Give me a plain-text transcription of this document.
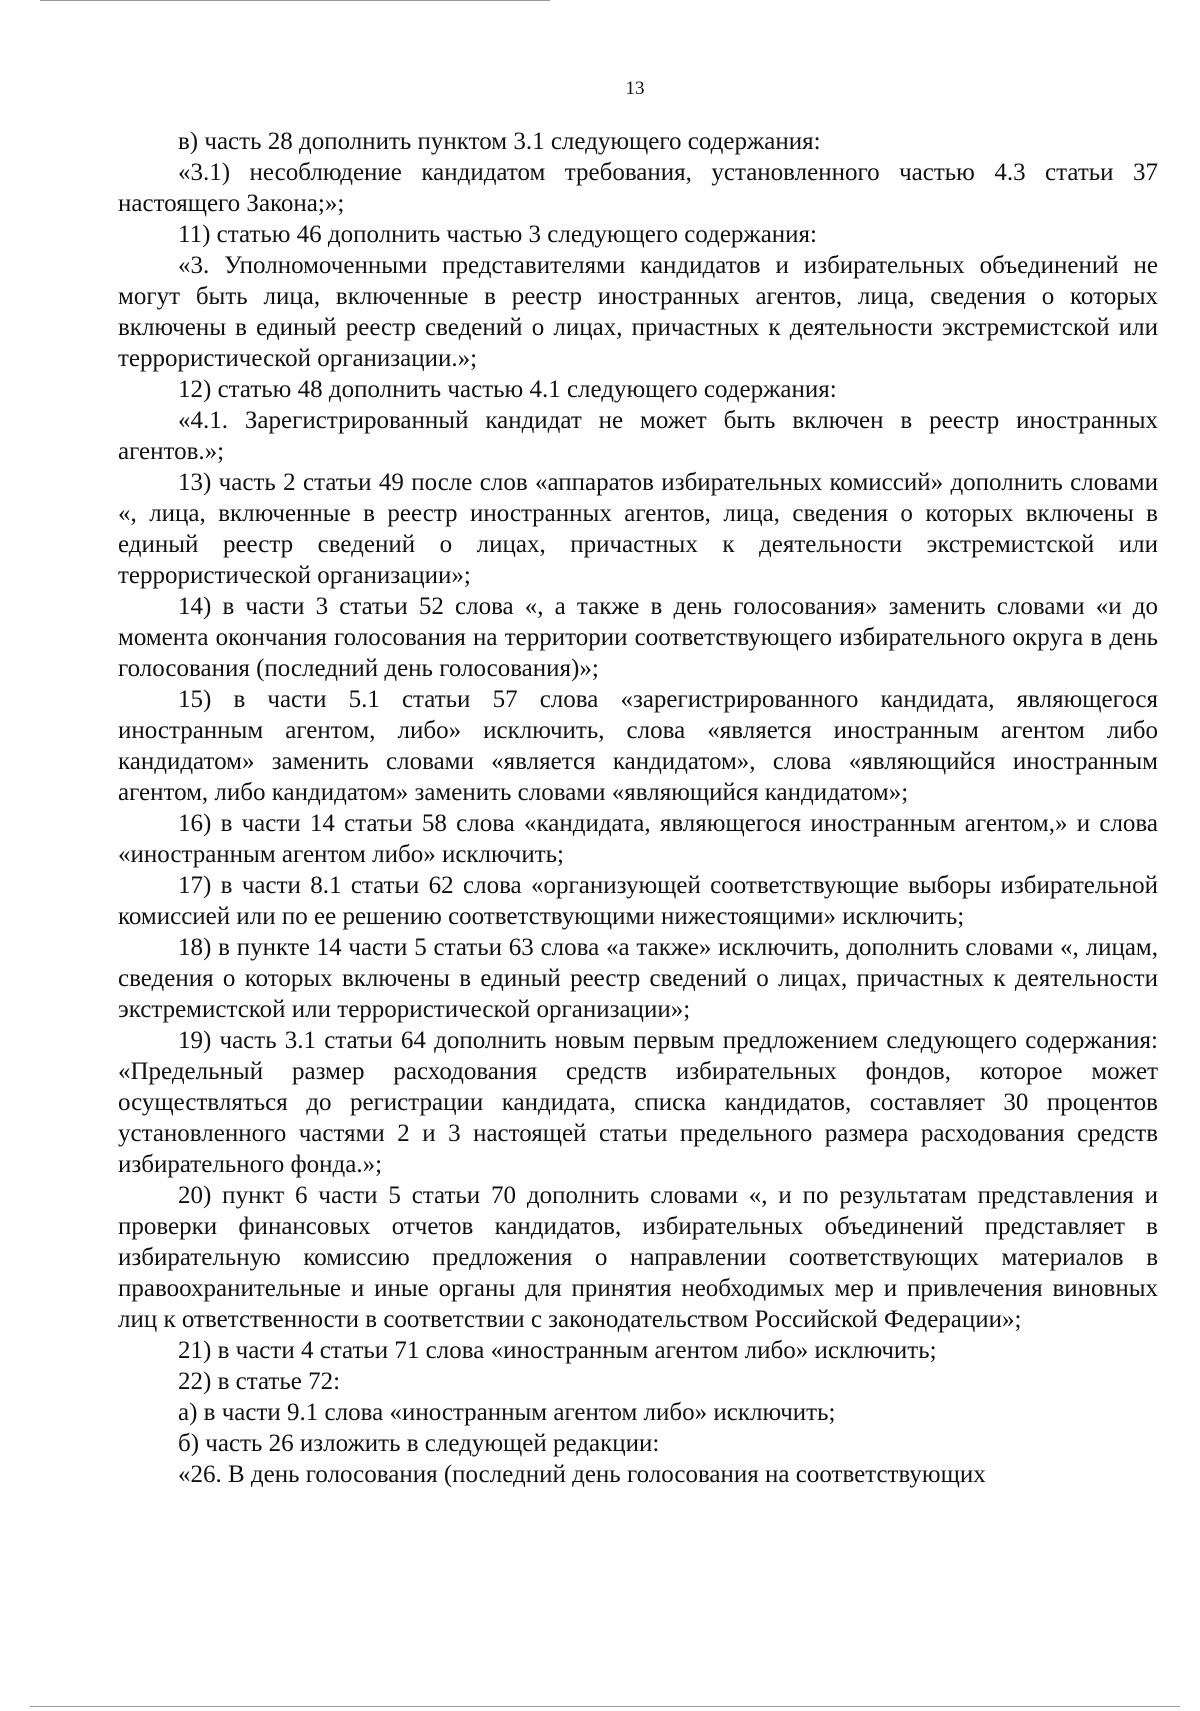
13

в) часть 28 дополнить пунктом 3.1 следующего содержания:

«3.1) несоблюдение кандидатом требования, установленного частью 4.3 статьи 37 настоящего Закона;»;

11) статью 46 дополнить частью 3 следующего содержания:

«3. Уполномоченными представителями кандидатов и избирательных объединений не могут быть лица, включенные в реестр иностранных агентов, лица, сведения о которых включены в единый реестр сведений о лицах, причастных к деятельности экстремистской или террористической организации.»;

12) статью 48 дополнить частью 4.1 следующего содержания:

«4.1. Зарегистрированный кандидат не может быть включен в реестр иностранных агентов.»;

13) часть 2 статьи 49 после слов «аппаратов избирательных комиссий» дополнить словами «, лица, включенные в реестр иностранных агентов, лица, сведения о которых включены в единый реестр сведений о лицах, причастных к деятельности экстремистской или террористической организации»;

14) в части 3 статьи 52 слова «, а также в день голосования» заменить словами «и до момента окончания голосования на территории соответствующего избирательного округа в день голосования (последний день голосования)»;

15) в части 5.1 статьи 57 слова «зарегистрированного кандидата, являющегося иностранным агентом, либо» исключить, слова «является иностранным агентом либо кандидатом» заменить словами «является кандидатом», слова «являющийся иностранным агентом, либо кандидатом» заменить словами «являющийся кандидатом»;

16) в части 14 статьи 58 слова «кандидата, являющегося иностранным агентом,» и слова «иностранным агентом либо» исключить;

17) в части 8.1 статьи 62 слова «организующей соответствующие выборы избирательной комиссией или по ее решению соответствующими нижестоящими» исключить;

18) в пункте 14 части 5 статьи 63 слова «а также» исключить, дополнить словами «, лицам, сведения о которых включены в единый реестр сведений о лицах, причастных к деятельности экстремистской или террористической организации»;

19) часть 3.1 статьи 64 дополнить новым первым предложением следующего содержания: «Предельный размер расходования средств избирательных фондов, которое может осуществляться до регистрации кандидата, списка кандидатов, составляет 30 процентов установленного частями 2 и 3 настоящей статьи предельного размера расходования средств избирательного фонда.»;

20) пункт 6 части 5 статьи 70 дополнить словами «, и по результатам представления и проверки финансовых отчетов кандидатов, избирательных объединений представляет в избирательную комиссию предложения о направлении соответствующих материалов в правоохранительные и иные органы для принятия необходимых мер и привлечения виновных лиц к ответственности в соответствии с законодательством Российской Федерации»;

21) в части 4 статьи 71 слова «иностранным агентом либо» исключить;

22) в статье 72:

а) в части 9.1 слова «иностранным агентом либо» исключить;

б) часть 26 изложить в следующей редакции:

«26. В день голосования (последний день голосования на соответствующих
